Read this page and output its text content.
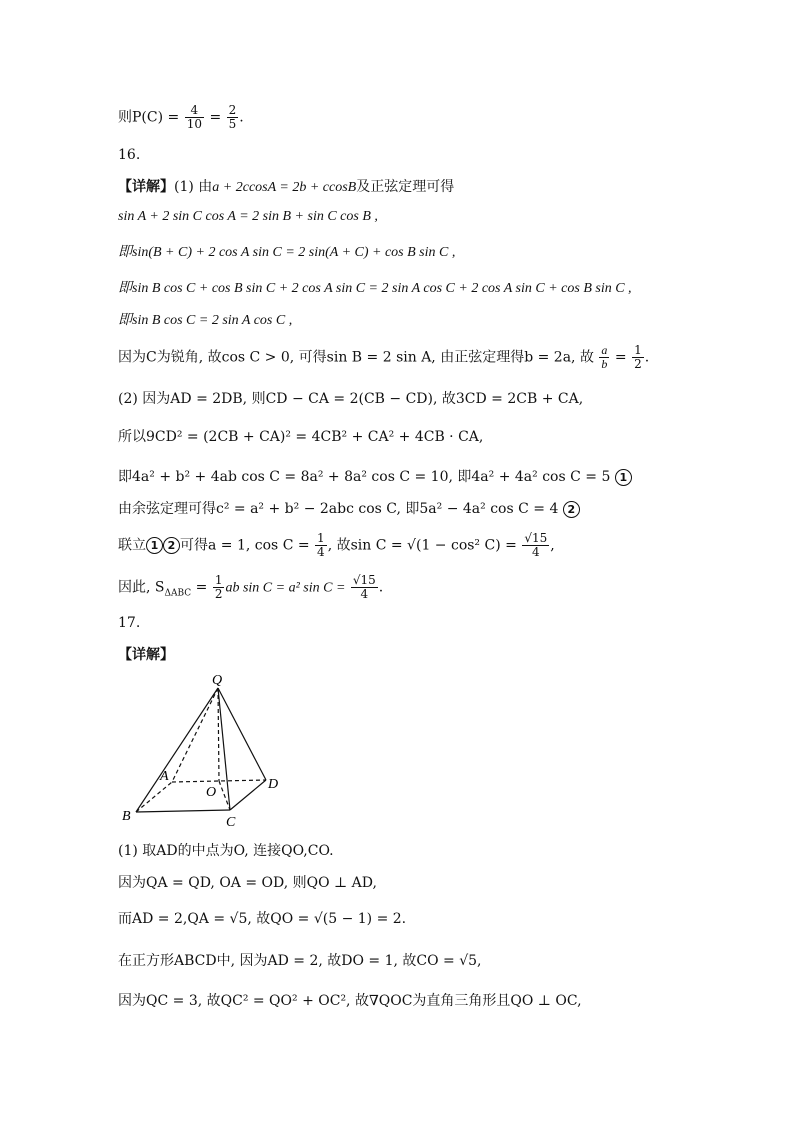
则$P(C) = \frac{4}{10} = \frac{2}{5}$ .
16.
【详解】(1) 由a + 2ccosA = 2b + ccosB及正弦定理可得
sin A + 2 sin C cos A = 2 sin B + sin C cos B ,
即sin(B + C) + 2 cos A sin C = 2 sin(A + C) + cos B sin C ,
即sin B cos C + cos B sin C + 2 cos A sin C = 2 sin A cos C + 2 cos A sin C + cos B sin C ,
即sin B cos C = 2 sin A cos C ,
因为C为锐角, 故cos C > 0, 可得sin B = 2 sin A, 由正弦定理得b = 2a, 故 $\frac{a}{b} = \frac{1}{2}$ .
(2) 因为AD = 2DB, 则CD − CA = 2(CB − CD), 故3CD = 2CB + CA,
所以9CD² = (2CB + CA)² = 4CB² + CA² + 4CB · CA,
即4a² + b² + 4ab cos C = 8a² + 8a² cos C = 10, 即4a² + 4a² cos C = 5 1
由余弦定理可得c² = a² + b² − 2abc cos C, 即5a² − 4a² cos C = 4 2
联立 1 2 可得a = 1, $\cos C = \frac{1}{4}$ , 故sin C = √(1 − cos² $C) = \frac{√15}{4}$ ,
因此, $S_{\Delta ABC} = \frac{1}{2}$ ab sin C = a² $\sin C = \frac{√15}{4}$ .
17.
【详解】
Q
A
O
D
B	C
(1) 取AD的中点为O, 连接QO,CO.
因为QA = QD, OA = OD, 则QO ⊥ AD,
而AD = 2,QA = √5, 故QO = √(5 − 1) = 2.
在正方形ABCD中, 因为AD = 2, 故DO = 1, 故CO = √5,
因为QC = 3, 故QC² = QO² + OC², 故∇QOC为直角三角形且QO ⊥ OC,
